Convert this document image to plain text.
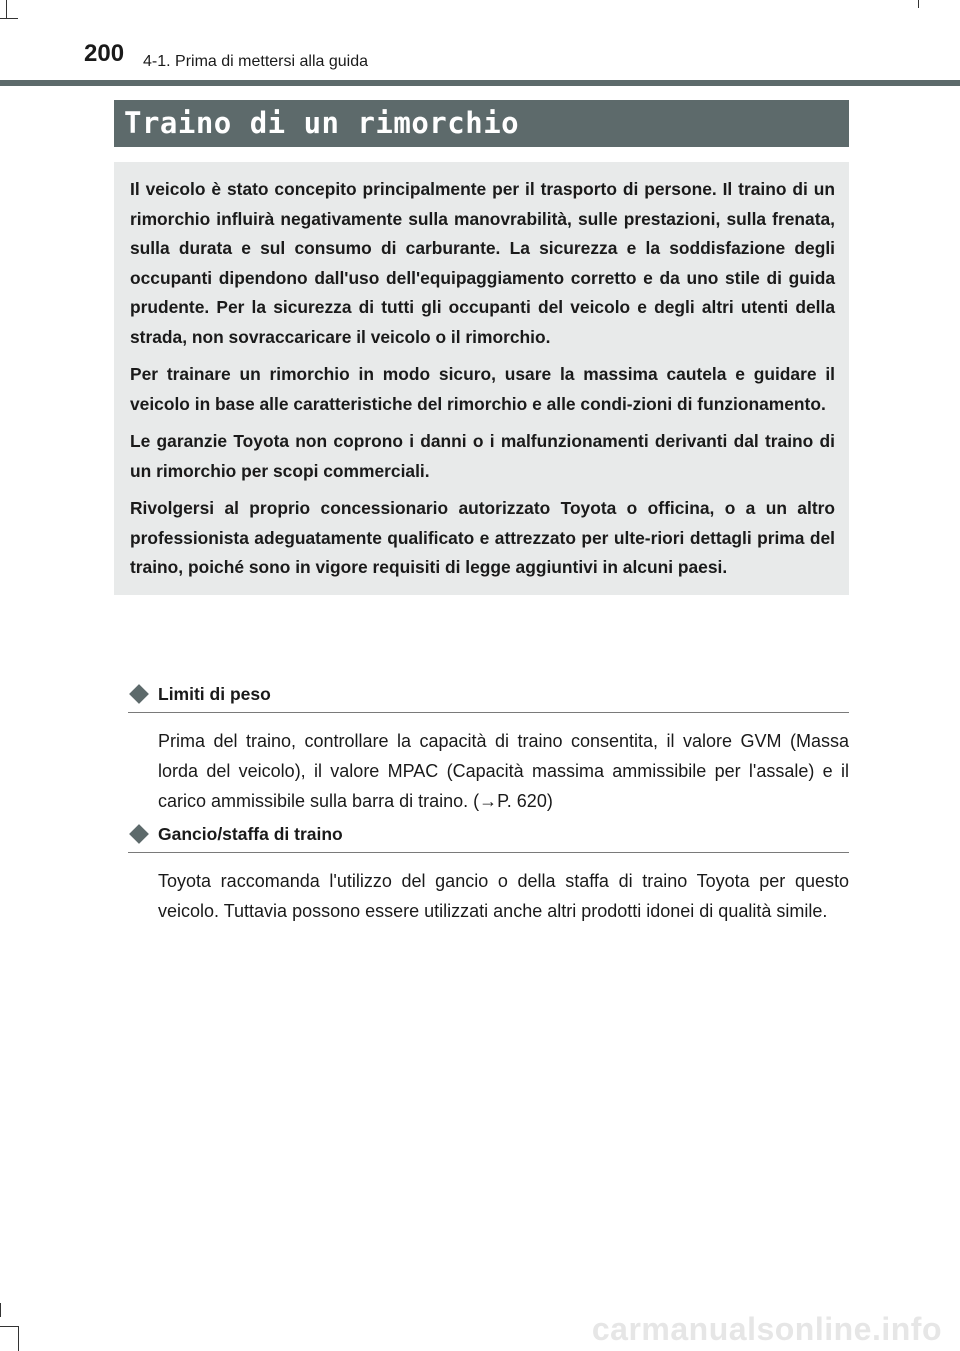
200 4-1. Prima di mettersi alla guida
Traino di un rimorchio

Il veicolo è stato concepito principalmente per il trasporto di persone. Il traino di un rimorchio influirà negativamente sulla manovrabilità, sulle prestazioni, sulla frenata, sulla durata e sul consumo di carburante. La sicurezza e la soddisfazione degli occupanti dipendono dall'uso dell'equipaggiamento corretto e da uno stile di guida prudente. Per la sicurezza di tutti gli occupanti del veicolo e degli altri utenti della strada, non sovraccaricare il veicolo o il rimorchio.

Per trainare un rimorchio in modo sicuro, usare la massima cautela e guidare il veicolo in base alle caratteristiche del rimorchio e alle condi-zioni di funzionamento.

Le garanzie Toyota non coprono i danni o i malfunzionamenti derivanti dal traino di un rimorchio per scopi commerciali.

Rivolgersi al proprio concessionario autorizzato Toyota o officina, o a un altro professionista adeguatamente qualificato e attrezzato per ulte-riori dettagli prima del traino, poiché sono in vigore requisiti di legge aggiuntivi in alcuni paesi.

Limiti di peso
Prima del traino, controllare la capacità di traino consentita, il valore GVM (Massa lorda del veicolo), il valore MPAC (Capacità massima ammissibile per l'assale) e il carico ammissibile sulla barra di traino. (→P. 620)
Gancio/staffa di traino
Toyota raccomanda l'utilizzo del gancio o della staffa di traino Toyota per questo veicolo. Tuttavia possono essere utilizzati anche altri prodotti idonei di qualità simile.
carmanualsonline.info
